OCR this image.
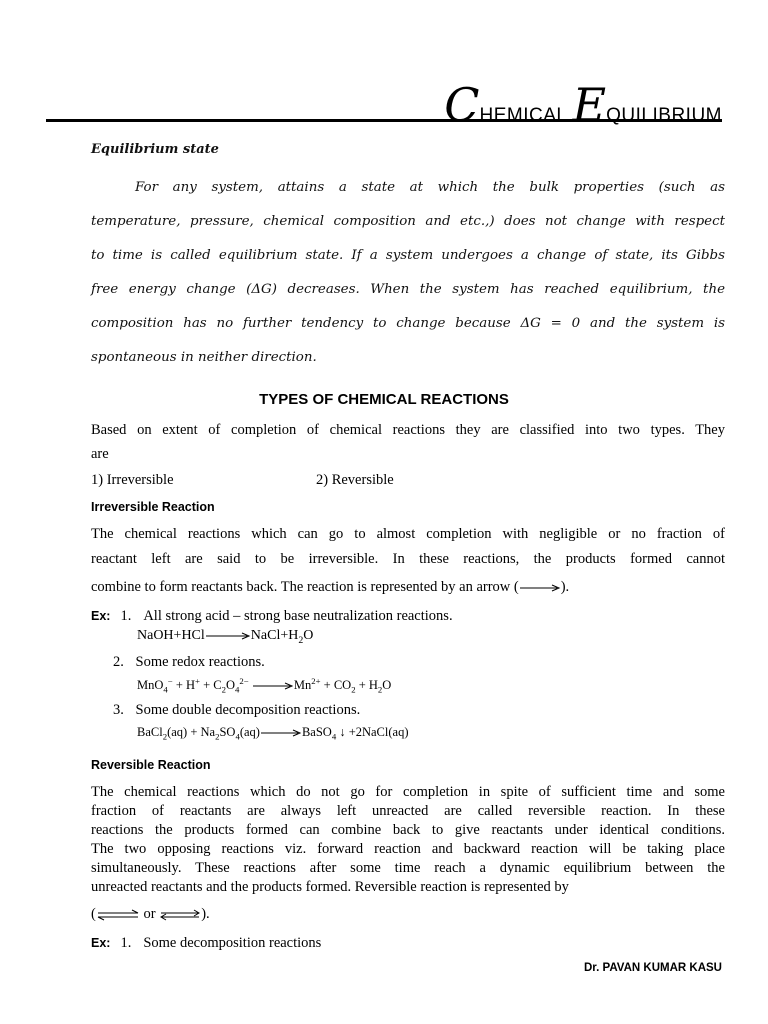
CHEMICAL EQUILIBRIUM
Equilibrium state
For any system, attains a state at which the bulk properties (such as
temperature, pressure, chemical composition and etc.,) does not change with respect
to time is called equilibrium state. If a system undergoes a change of state, its Gibbs
free energy change (ΔG) decreases. When the system has reached equilibrium, the
composition has no further tendency to change because ΔG = 0 and the system is
spontaneous in neither direction.
TYPES OF CHEMICAL REACTIONS
Based on extent of completion of chemical reactions they are classified into two types. They
are
1) Irreversible	2) Reversible
Irreversible Reaction
The chemical reactions which can go to almost completion with negligible or no fraction of
reactant left are said to be irreversible. In these reactions, the products formed cannot
combine to form reactants back. The reaction is represented by an arrow (	).
Ex: 1. All strong acid – strong base neutralization reactions.
NaOH+HCl	$NaCl+H_2O$
2. Some redox reactions.
$MnO_4^- + H^+ + C_2O_4^{2-}$	$Mn^{2+} + CO_2 + H_2O$
3. Some double decomposition reactions.
BaCl$_2$(aq) + $Na_2SO_4(aq)$	BaSO$_4$ ↓ +2NaCl(aq)
Reversible Reaction
The chemical reactions which do not go for completion in spite of sufficient time and some
fraction of reactants are always left unreacted are called reversible reaction. In these
reactions the products formed can combine back to give reactants under identical conditions.
The two opposing reactions viz. forward reaction and backward reaction will be taking place
simultaneously. These reactions after some time reach a dynamic equilibrium between the
unreacted reactants and the products formed. Reversible reaction is represented by
(	or ⇌).
Ex: 1. Some decomposition reactions
Dr. PAVAN KUMAR KASU
